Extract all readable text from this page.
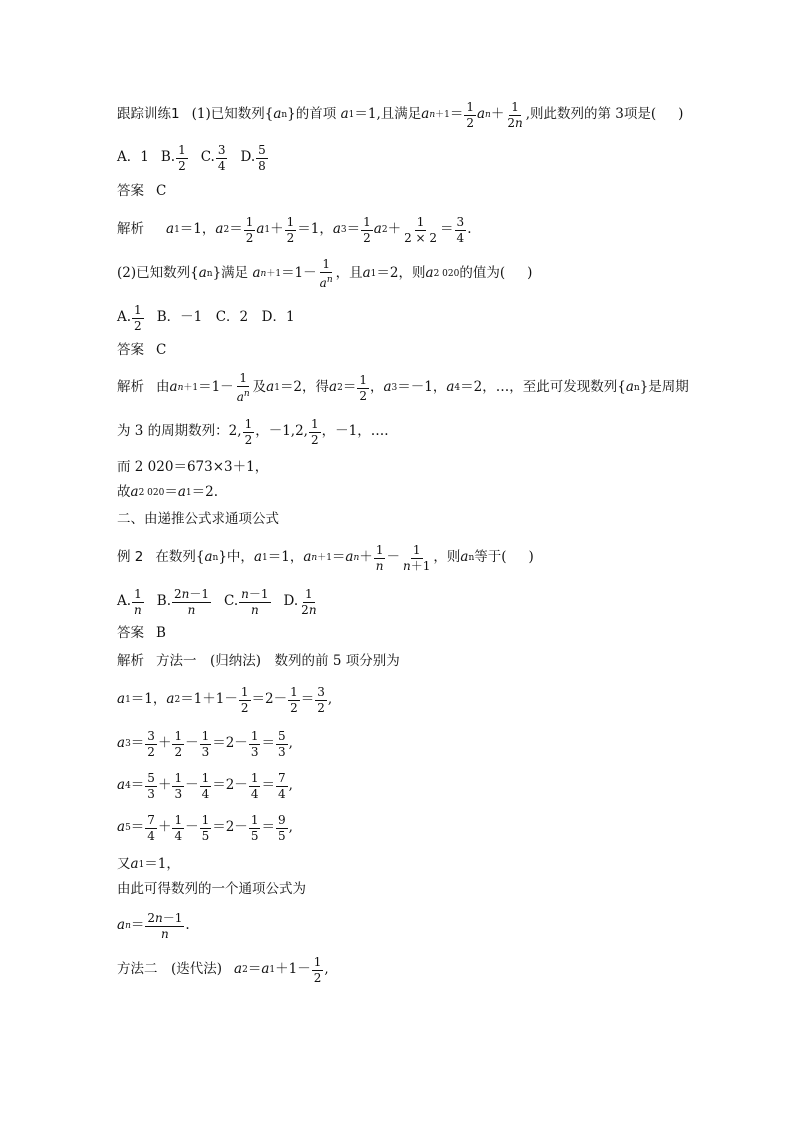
跟踪训练1 (1) 已知数列{ a n }的首项
a 1 ＝1 ,且满足 a n＋1 ＝ 1
2
a n ＋ 1
2n
,则此数列的第 3项是( )
A．1 B. 1
2
C. 3
4
D. 5
8
答案 C
解析 a 1 ＝1， a 2 ＝ 1
2
a 1 ＋ 1
2
＝1， a 3 ＝ 1
2
a 2 ＋ 1
2 × 2
＝ 3
4
.
(2) 已知数列{ a n }满足
a n＋1 ＝1－
1
$a^n$ ，且 a 1 ＝2 ，则 a 2 020 的值为( )
A. 1
2
B．－1　C．2　D．1
答案 C
解析 由 a n＋1 ＝1－
1
$a^n$ 及 a 1 ＝2 ，得 a 2 ＝ 1
2
， a 3 ＝－1 ， a 4 ＝2 ，…，至此可发现数列{ a n }是周期
为 3 的周期数列：2, 1
2
，－1,2, 1
2
，－1，….
而 2 020＝673×3＋1，
故 a 2 020 ＝ a 1 ＝2.
二、由递推公式求通项公式
例 2 在数列{ a n }中， a 1 ＝1 ， a n＋1 ＝ a n ＋ 1
n
－ 1
n＋1
，则 a n 等于( )
A. 1
n
B. 2n－1
n
C. n－1
n
D. 1
2n
答案 B
解析 方法一　(归纳法)　数列的前 5 项分别为
a 1 ＝1， a 2 ＝1＋1－ 1
2
＝2－ 1
2
＝ 3
2
,
a 3 ＝ 3
2
＋ 1
2
－ 1
3
＝2－ 1
3
＝ 5
3
,
a 4 ＝ 5
3
＋ 1
3
－ 1
4
＝2－ 1
4
＝ 7
4
,
a 5 ＝ 7
4
＋ 1
4
－ 1
5
＝2－ 1
5
＝ 9
5
,
又 a 1 ＝1 ，
由此可得数列的一个通项公式为
a n ＝ 2n－1
n
.
方法二　(迭代法) a 2 ＝ a 1 ＋1－ 1
2
,
